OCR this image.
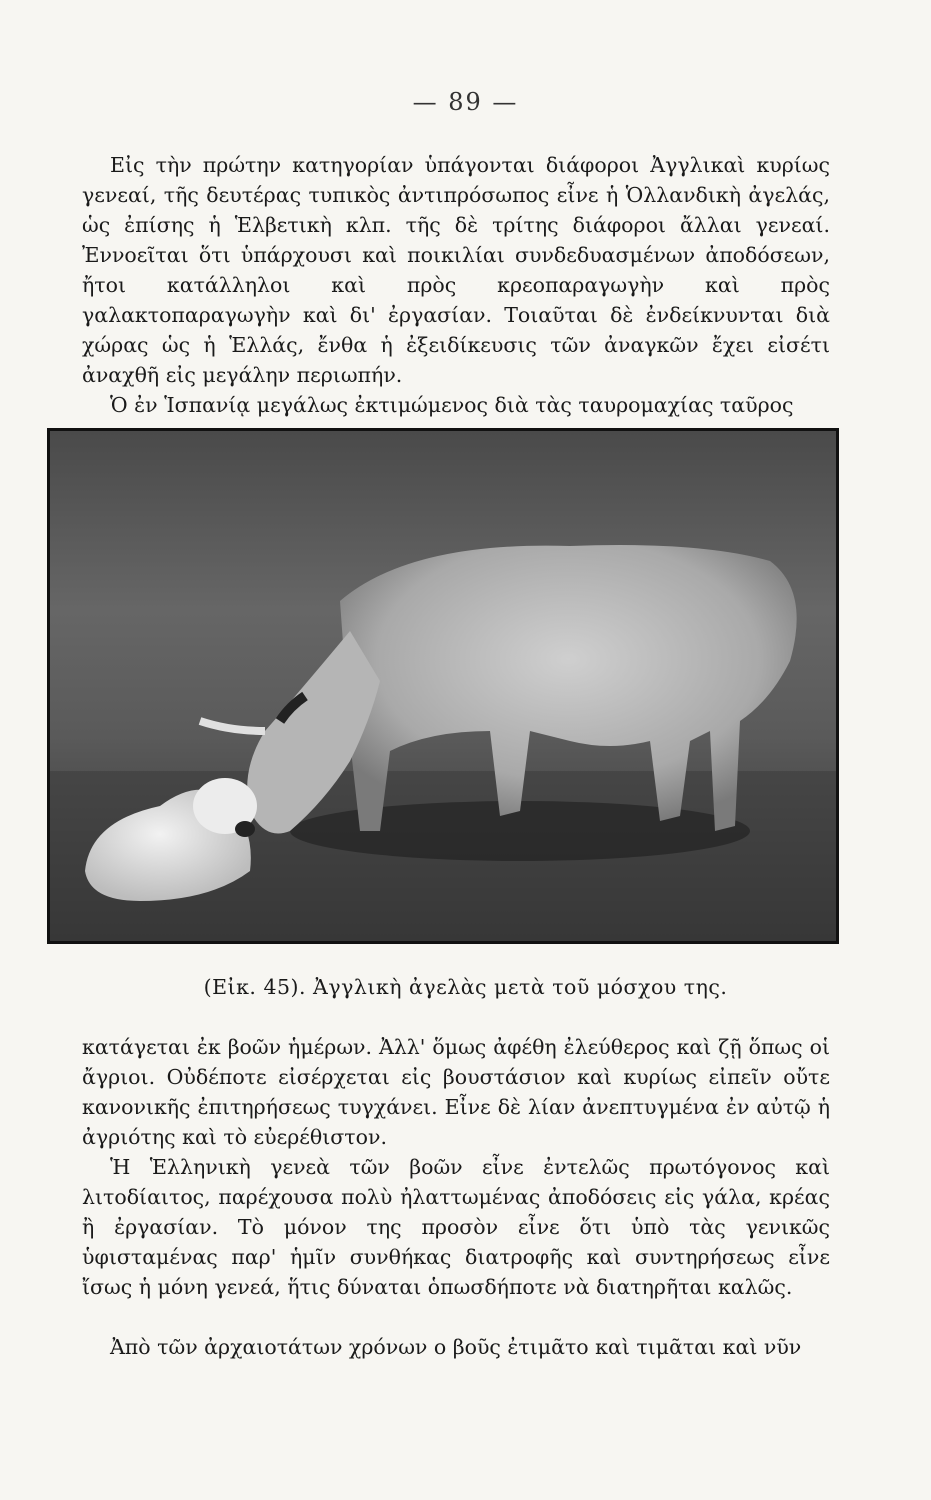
— 89 —

Εἰς τὴν πρώτην κατηγορίαν ὑπάγονται διάφοροι Ἀγγλικαὶ κυρίως γενεαί, τῆς δευτέρας τυπικὸς ἀντιπρόσωπος εἶνε ἡ Ὁλλανδικὴ ἀγελάς, ὡς ἐπίσης ἡ Ἑλβετικὴ κλπ. τῆς δὲ τρίτης διάφοροι ἄλλαι γενεαί. Ἐννοεῖται ὅτι ὑπάρχουσι καὶ ποικιλίαι συνδεδυασμένων ἀποδόσεων, ἤτοι κατάλληλοι καὶ πρὸς κρεοπαραγωγὴν καὶ πρὸς γαλακτοπαραγωγὴν καὶ δι' ἐργασίαν. Τοιαῦται δὲ ἐνδείκνυνται διὰ χώρας ὡς ἡ Ἑλλάς, ἔνθα ἡ ἐξειδίκευσις τῶν ἀναγκῶν ἔχει εἰσέτι ἀναχθῆ εἰς μεγάλην περιωπήν.

Ὁ ἐν Ἱσπανίᾳ μεγάλως ἐκτιμώμενος διὰ τὰς ταυρομαχίας ταῦρος

(Εἰκ. 45). Ἀγγλικὴ ἀγελὰς μετὰ τοῦ μόσχου της.

κατάγεται ἐκ βοῶν ἡμέρων. Ἀλλ' ὅμως ἀφέθη ἐλεύθερος καὶ ζῇ ὅπως οἱ ἄγριοι. Οὐδέποτε εἰσέρχεται εἰς βουστάσιον καὶ κυρίως εἰπεῖν οὔτε κανονικῆς ἐπιτηρήσεως τυγχάνει. Εἶνε δὲ λίαν ἀνεπτυγμένα ἐν αὐτῷ ἡ ἀγριότης καὶ τὸ εὐερέθιστον.

Ἡ Ἑλληνικὴ γενεὰ τῶν βοῶν εἶνε ἐντελῶς πρωτόγονος καὶ λιτοδίαιτος, παρέχουσα πολὺ ἠλαττωμένας ἀποδόσεις εἰς γάλα, κρέας ἢ ἐργασίαν. Τὸ μόνον της προσὸν εἶνε ὅτι ὑπὸ τὰς γενικῶς ὑφισταμένας παρ' ἡμῖν συνθήκας διατροφῆς καὶ συντηρήσεως εἶνε ἴσως ἡ μόνη γενεά, ἥτις δύναται ὁπωσδήποτε νὰ διατηρῆται καλῶς.

Ἀπὸ τῶν ἀρχαιοτάτων χρόνων ο βοῦς ἐτιμᾶτο καὶ τιμᾶται καὶ νῦν
